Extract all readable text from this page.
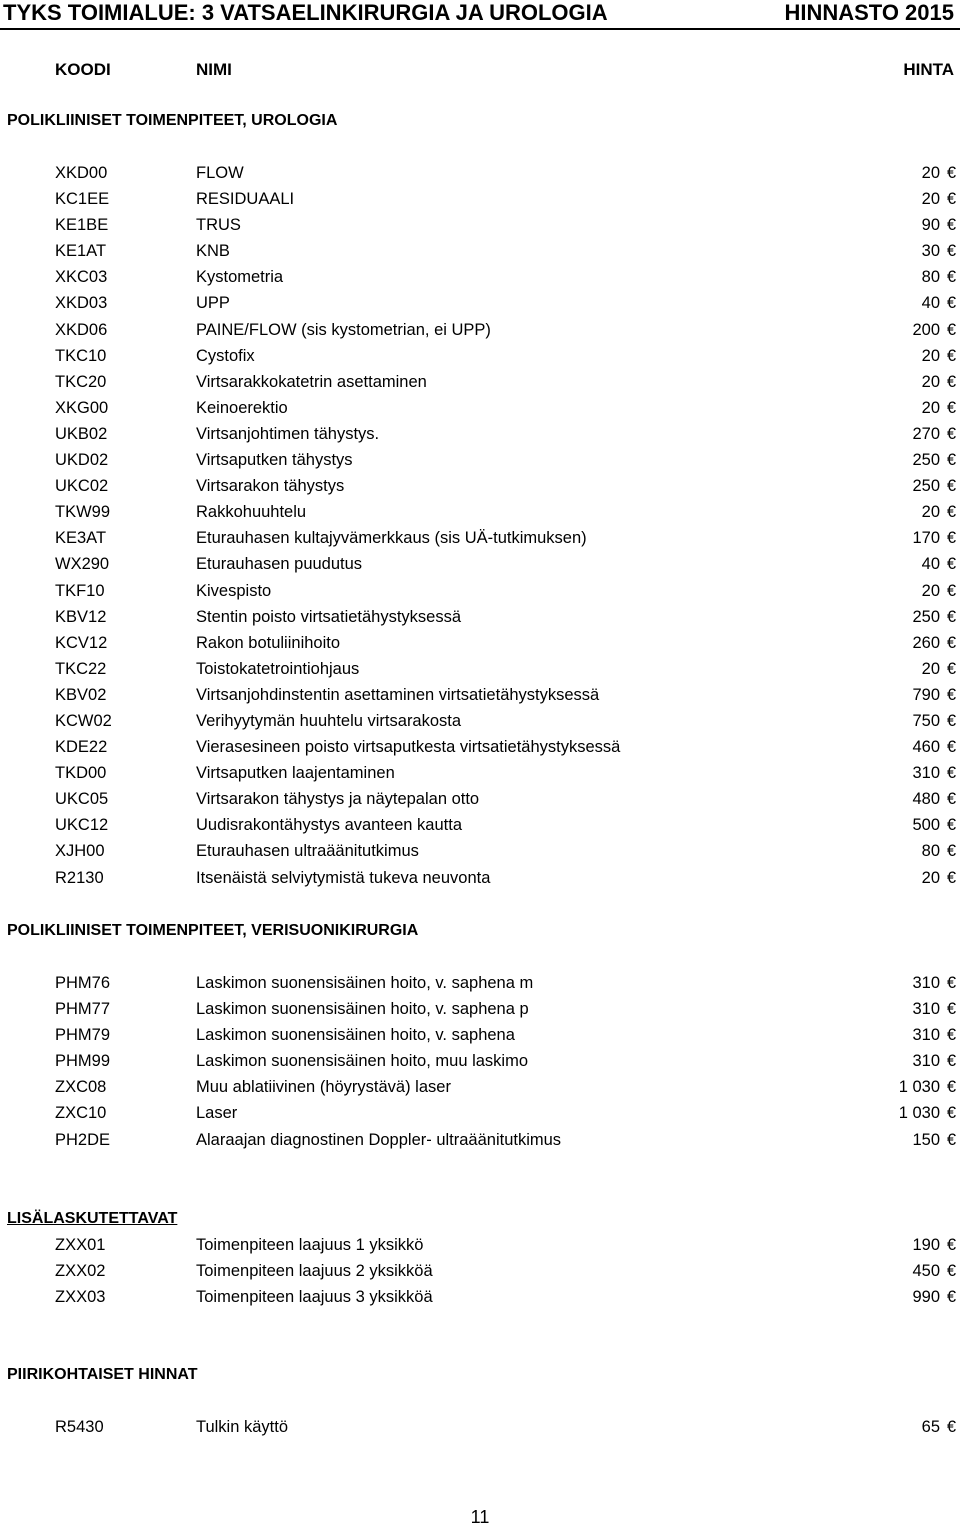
TYKS TOIMIALUE: 3 VATSAELINKIRURGIA JA UROLOGIA	HINNASTO 2015
KOODI	NIMI	HINTA
POLIKLIINISET TOIMENPITEET, UROLOGIA
XKD00	FLOW	20 €
KC1EE	RESIDUAALI	20 €
KE1BE	TRUS	90 €
KE1AT	KNB	30 €
XKC03	Kystometria	80 €
XKD03	UPP	40 €
XKD06	PAINE/FLOW (sis kystometrian, ei UPP)	200 €
TKC10	Cystofix	20 €
TKC20	Virtsarakkokatetrin asettaminen	20 €
XKG00	Keinoerektio	20 €
UKB02	Virtsanjohtimen tähystys.	270 €
UKD02	Virtsaputken tähystys	250 €
UKC02	Virtsarakon tähystys	250 €
TKW99	Rakkohuuhtelu	20 €
KE3AT	Eturauhasen kultajyvämerkkaus (sis UÄ-tutkimuksen)	170 €
WX290	Eturauhasen puudutus	40 €
TKF10	Kivespisto	20 €
KBV12	Stentin poisto virtsatietähystyksessä	250 €
KCV12	Rakon botuliinihoito	260 €
TKC22	Toistokatetrointiohjaus	20 €
KBV02	Virtsanjohdinstentin asettaminen virtsatietähystyksessä	790 €
KCW02	Verihyytymän huuhtelu virtsarakosta	750 €
KDE22	Vierasesineen poisto virtsaputkesta virtsatietähystyksessä	460 €
TKD00	Virtsaputken laajentaminen	310 €
UKC05	Virtsarakon tähystys ja näytepalan otto	480 €
UKC12	Uudisrakontähystys avanteen kautta	500 €
XJH00	Eturauhasen ultraäänitutkimus	80 €
R2130	Itsenäistä selviytymistä tukeva neuvonta	20 €
POLIKLIINISET TOIMENPITEET, VERISUONIKIRURGIA
PHM76	Laskimon suonensisäinen hoito, v. saphena m	310 €
PHM77	Laskimon suonensisäinen hoito, v. saphena p	310 €
PHM79	Laskimon suonensisäinen hoito, v. saphena	310 €
PHM99	Laskimon suonensisäinen hoito, muu laskimo	310 €
ZXC08	Muu ablatiivinen (höyrystävä) laser	1 030 €
ZXC10	Laser	1 030 €
PH2DE	Alaraajan diagnostinen Doppler- ultraäänitutkimus	150 €
LISÄLASKUTETTAVAT
ZXX01	Toimenpiteen laajuus 1 yksikkö	190 €
ZXX02	Toimenpiteen laajuus 2 yksikköä	450 €
ZXX03	Toimenpiteen laajuus 3 yksikköä	990 €
PIIRIKOHTAISET HINNAT
R5430	Tulkin käyttö	65 €
11
